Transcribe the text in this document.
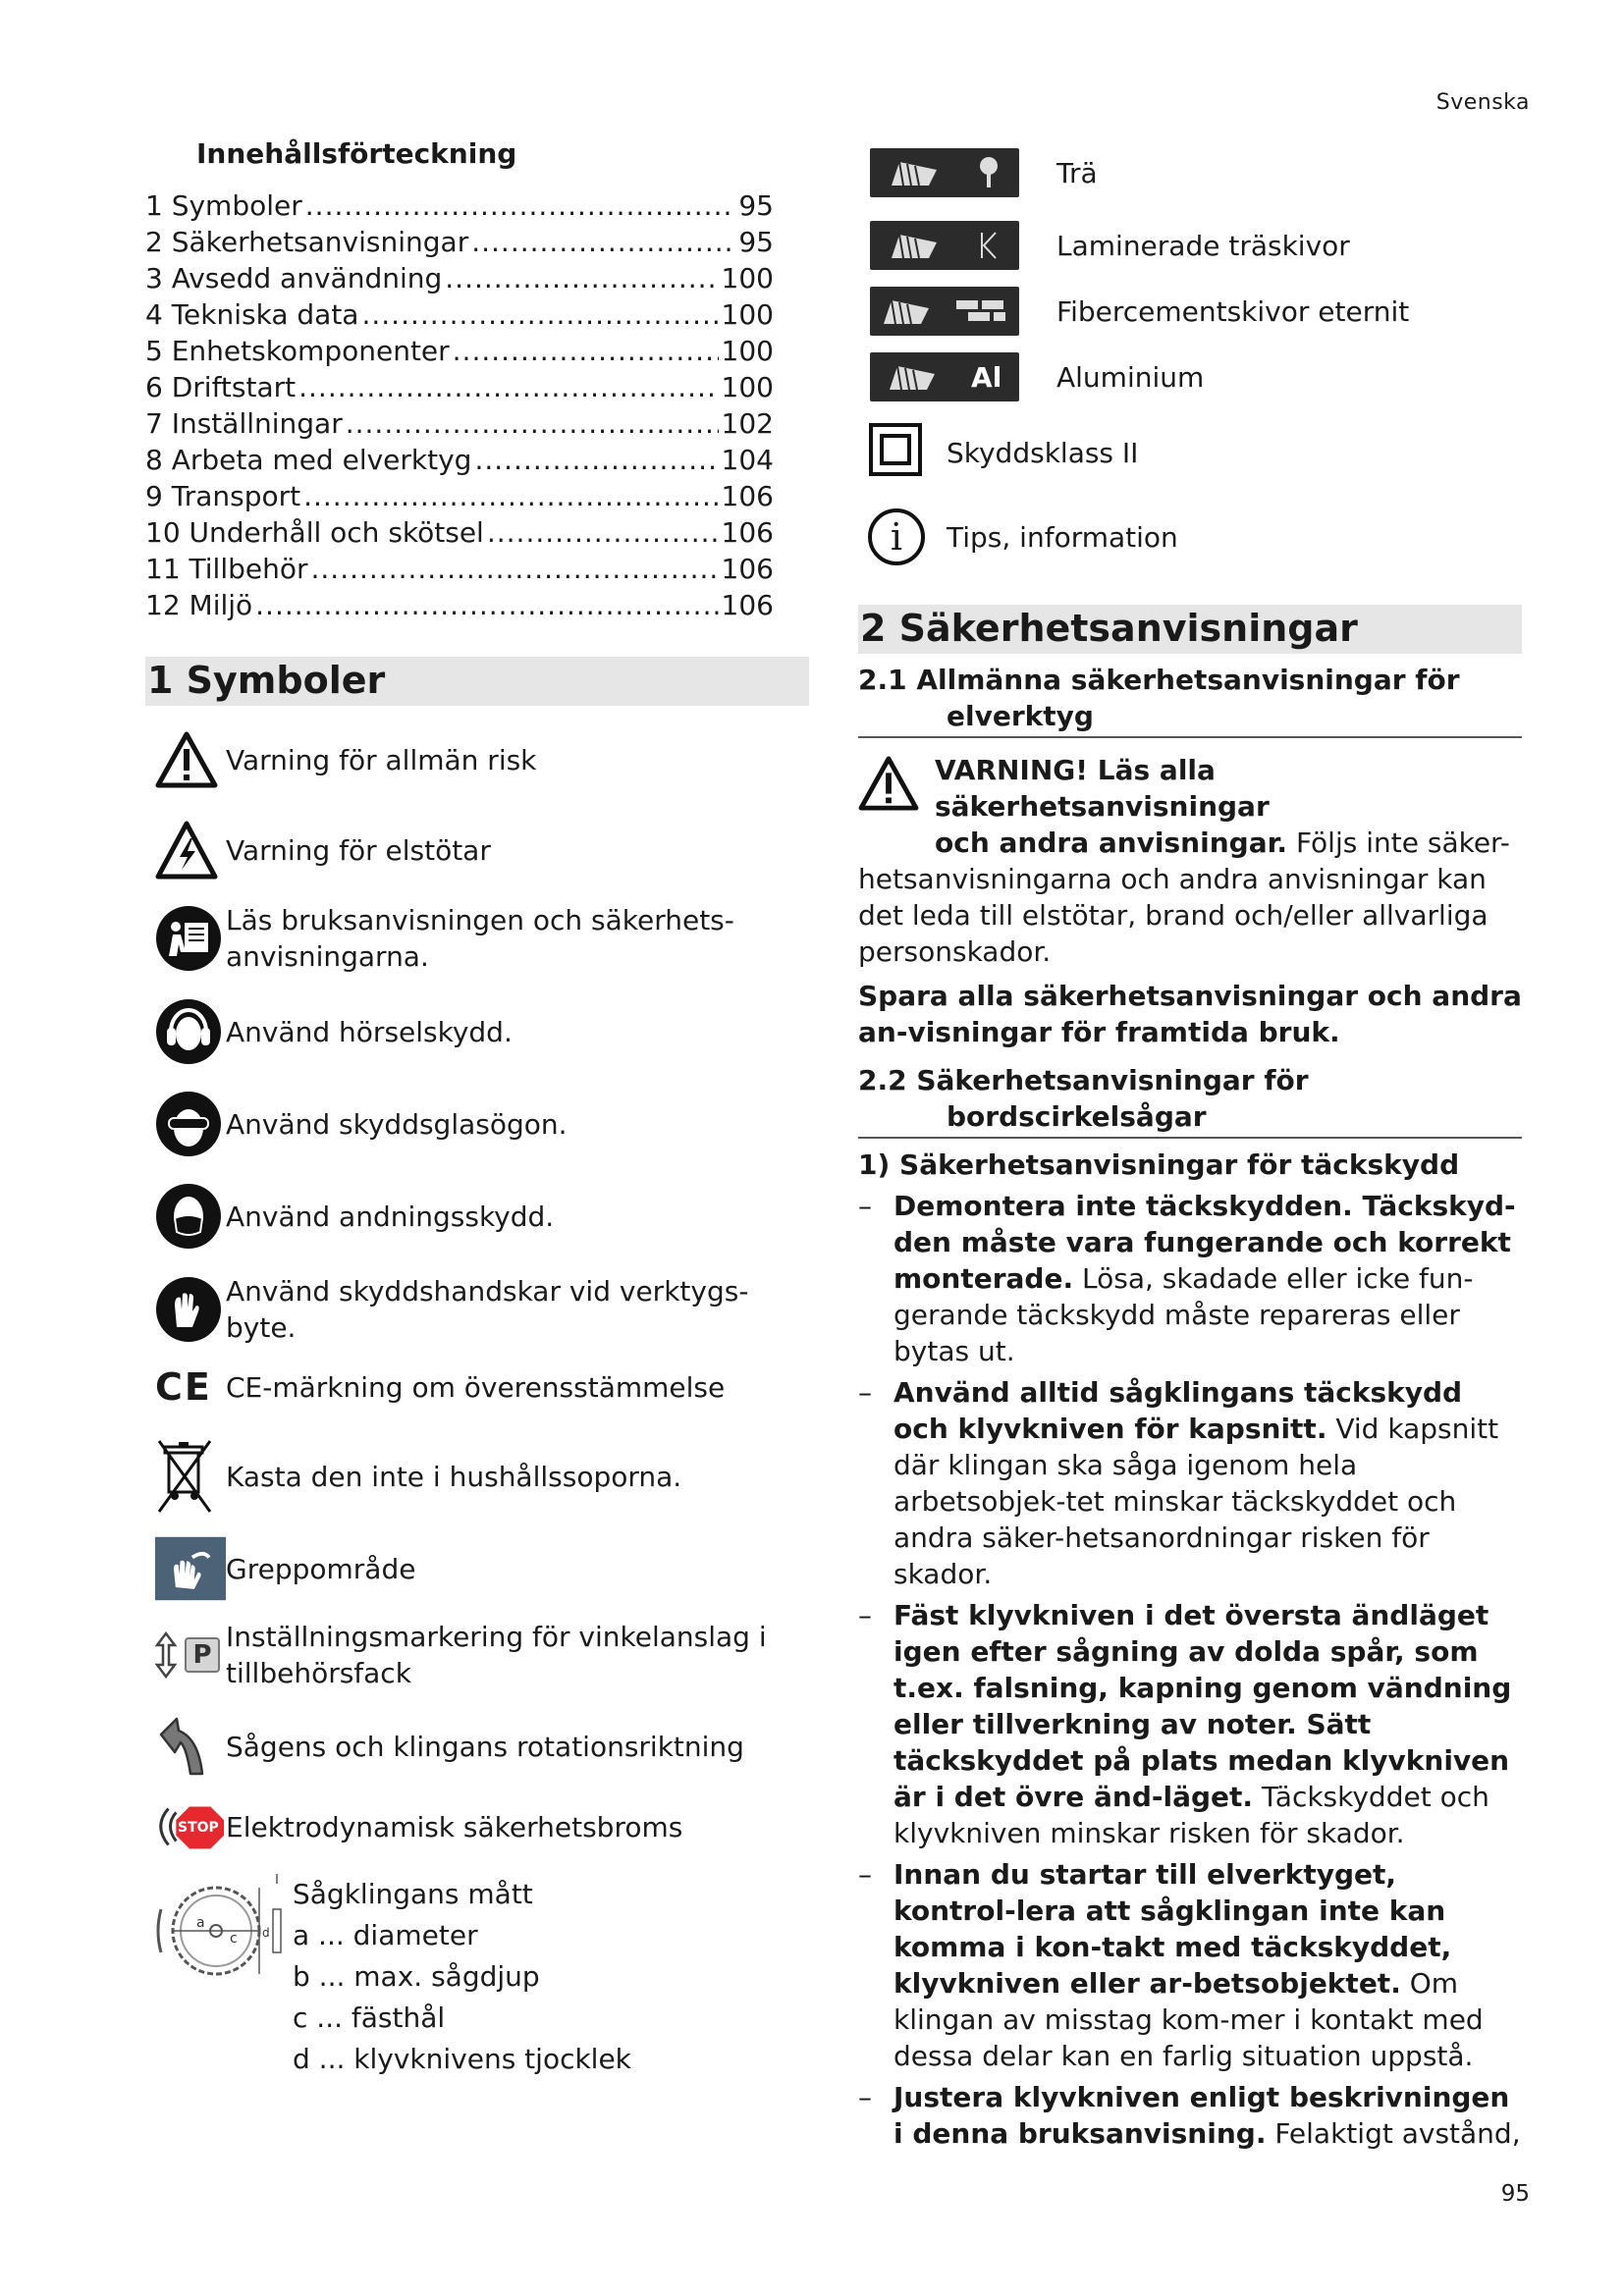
Svenska
Innehållsförteckning
1 Symboler .....	95
2 Säkerhetsanvisningar .....	95
3 Avsedd användning .....	100
4 Tekniska data .....	100
5 Enhetskomponenter .....	100
6 Driftstart .....	100
7 Inställningar .....	102
8 Arbeta med elverktyg .....	104
9 Transport .....	106
10 Underhåll och skötsel .....	106
11 Tillbehör .....	106
12 Miljö .....	106
1 Symboler
Varning för allmän risk
Varning för elstötar
Läs bruksanvisningen och säkerhets-anvisningarna.
Använd hörselskydd.
Använd skyddsglasögon.
Använd andningsskydd.
Använd skyddshandskar vid verktygs-byte.
CE CE-märkning om överensstämmelse
Kasta den inte i hushållssoporna.
Greppområde
P
Inställningsmarkering för vinkelanslag i tillbehörsfack
Sågens och klingans rotationsriktning
STOP Elektrodynamisk säkerhetsbroms
a
c d
Sågklingans mått
a ... diameter
b ... max. sågdjup
c ... fästhål
d ... klyvknivens tjocklek
Trä
Laminerade träskivor
Fibercementskivor eternit
Al Aluminium
Skyddsklass II
i	Tips, information
2 Säkerhetsanvisningar
2.1 Allmänna säkerhetsanvisningar för
elverktyg
VARNING! Läs alla säkerhetsanvisningar
och andra anvisningar. Följs inte säker-
hetsanvisningarna och andra anvisningar kan det leda till elstötar, brand och/eller allvarliga personskador.
Spara alla säkerhetsanvisningar och andra an-visningar för framtida bruk.
2.2 Säkerhetsanvisningar för
bordscirkelsågar
1) Säkerhetsanvisningar för täckskydd
– Demontera inte täckskydden. Täckskyd-den måste vara fungerande och korrekt monterade. Lösa, skadade eller icke fun-gerande täckskydd måste repareras eller bytas ut.
– Använd alltid sågklingans täckskydd och klyvkniven för kapsnitt. Vid kapsnitt där klingan ska såga igenom hela arbetsobjek-tet minskar täckskyddet och andra säker-hetsanordningar risken för skador.
– Fäst klyvkniven i det översta ändläget igen efter sågning av dolda spår, som t.ex. falsning, kapning genom vändning eller tillverkning av noter. Sätt täckskyddet på plats medan klyvkniven är i det övre änd-läget. Täckskyddet och klyvkniven minskar risken för skador.
– Innan du startar till elverktyget, kontrol-lera att sågklingan inte kan komma i kon-takt med täckskyddet, klyvkniven eller ar-betsobjektet. Om klingan av misstag kom-mer i kontakt med dessa delar kan en farlig situation uppstå.
– Justera klyvkniven enligt beskrivningen i denna bruksanvisning. Felaktigt avstånd,
95
